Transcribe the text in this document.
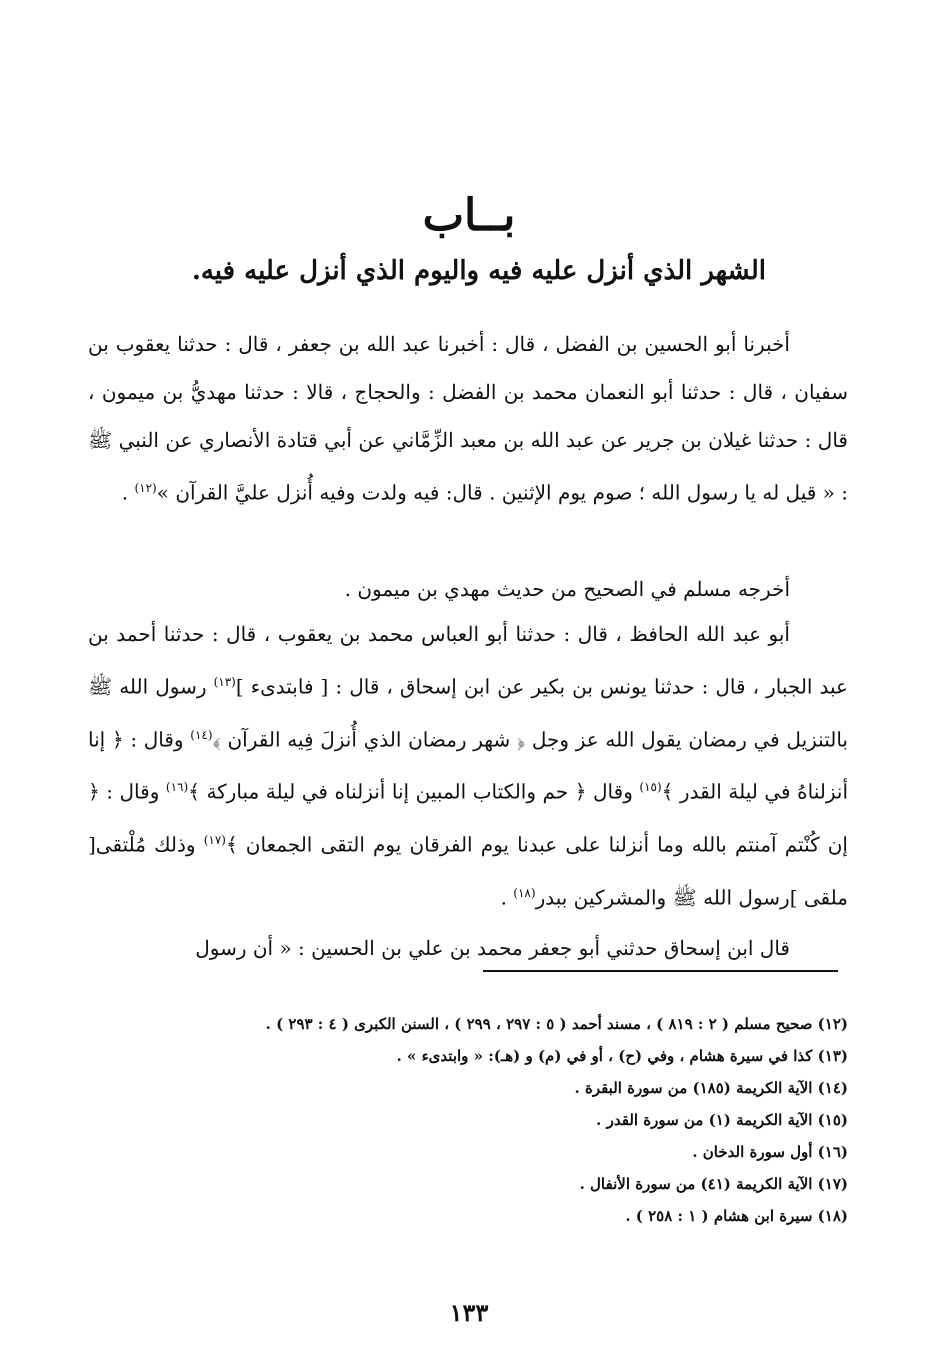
بــاب
الشهر الذي أنزل عليه فيه واليوم الذي أنزل عليه فيه.

أخبرنا أبو الحسين بن الفضل ، قال : أخبرنا عبد الله بن جعفر ، قال : حدثنا يعقوب بن سفيان ، قال : حدثنا أبو النعمان محمد بن الفضل : والحجاج ، قالا : حدثنا مهديُّ بن ميمون ، قال : حدثنا غيلان بن جرير عن عبد الله بن معبد الزِّمَّاني عن أبي قتادة الأنصاري عن النبي ﷺ : « قيل له يا رسول الله ؛ صوم يوم الإثنين . قال: فيه ولدت وفيه أُنزل عليَّ القرآن »$^{(١٢)}$ .

أخرجه مسلم في الصحيح من حديث مهدي بن ميمون .

أبو عبد الله الحافظ ، قال : حدثنا أبو العباس محمد بن يعقوب ، قال : حدثنا أحمد بن عبد الجبار ، قال : حدثنا يونس بن بكير عن ابن إسحاق ، قال : [ فابتدىء ]$^{(١٣)}$ رسول الله ﷺ بالتنزيل في رمضان يقول الله عز وجل ﴿ شهر رمضان الذي أُنزلَ فِيه القرآن ﴾$^{(١٤)}$ وقال : ﴿ إنا أنزلناهُ في ليلة القدر ﴾$^{(١٥)}$ وقال ﴿ حم والكتاب المبين إنا أنزلناه في ليلة مباركة ﴾$^{(١٦)}$ وقال : ﴿ إن كُنْتم آمنتم بالله وما أنزلنا على عبدنا يوم الفرقان يوم التقى الجمعان ﴾$^{(١٧)}$ وذلك مُلْتقى[ ملقى ]رسول الله ﷺ والمشركين ببدر$^{(١٨)}$ .

قال ابن إسحاق حدثني أبو جعفر محمد بن علي بن الحسين : « أن رسول

(١٢) صحيح مسلم ( ٢ : ٨١٩ ) ، مسند أحمد ( ٥ : ٢٩٧ ، ٢٩٩ ) ، السنن الكبرى ( ٤ : ٢٩٣ ) .

(١٣) كذا في سيرة هشام ، وفي (ح) ، أو في (م) و (هـ): « وابتدىء » .

(١٤) الآية الكريمة (١٨٥) من سورة البقرة .

(١٥) الآية الكريمة (١) من سورة القدر .

(١٦) أول سورة الدخان .

(١٧) الآية الكريمة (٤١) من سورة الأنفال .

(١٨) سيرة ابن هشام ( ١ : ٢٥٨ ) .

١٣٣
